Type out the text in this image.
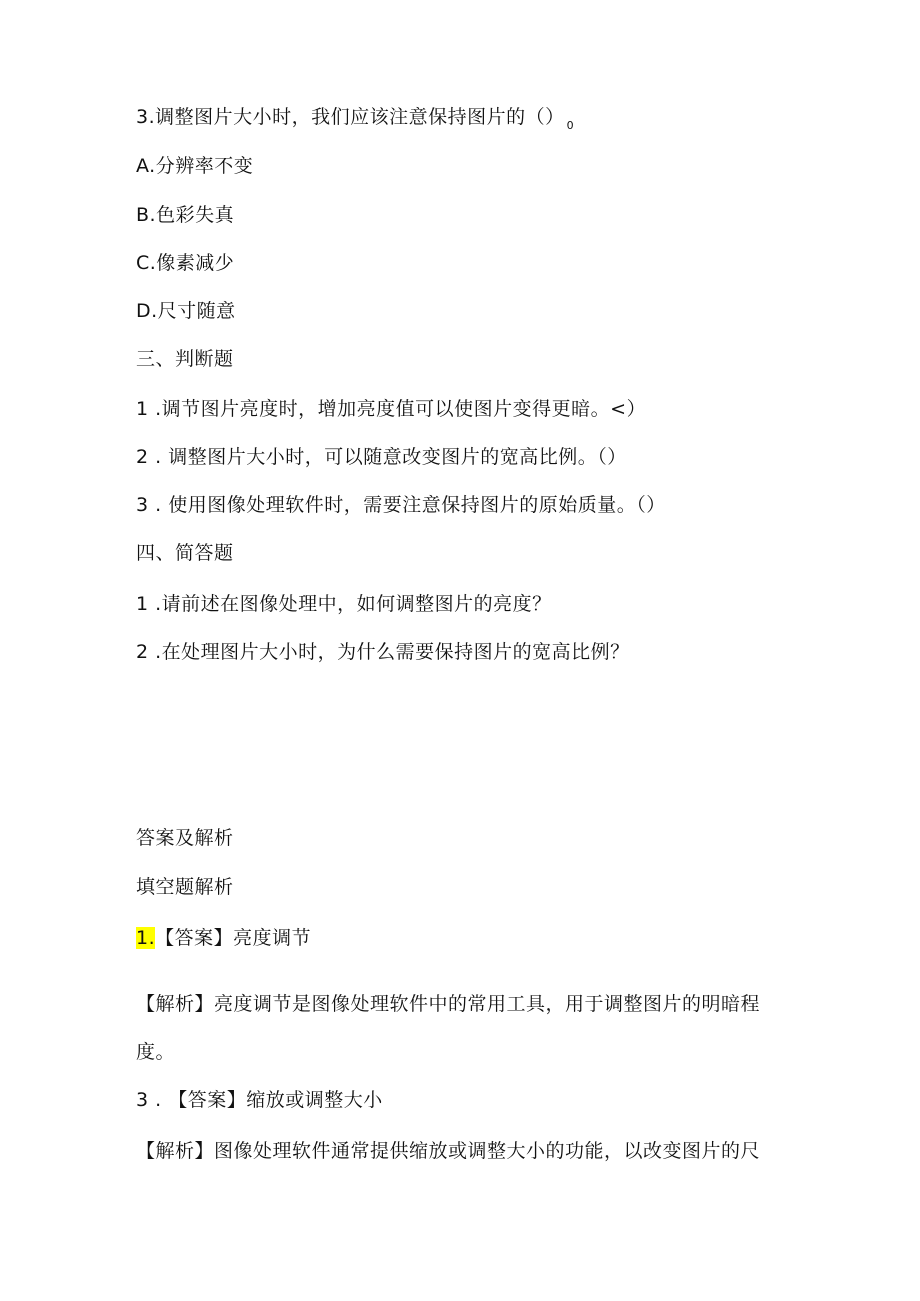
3.调整图片大小时，我们应该注意保持图片的（） $_0$
A.分辨率不变
B.色彩失真
C.像素减少
D.尺寸随意
三、判断题
1 .调节图片亮度时，增加亮度值可以使图片变得更暗。<）
2 . 调整图片大小时，可以随意改变图片的宽高比例。（）
3 . 使用图像处理软件时，需要注意保持图片的原始质量。（）
四、简答题
1 .请前述在图像处理中，如何调整图片的亮度？
2 .在处理图片大小时，为什么需要保持图片的宽高比例？
答案及解析
填空题解析
1.【答案】亮度调节
【解析】亮度调节是图像处理软件中的常用工具，用于调整图片的明暗程
度。
3 . 【答案】缩放或调整大小
【解析】图像处理软件通常提供缩放或调整大小的功能，以改变图片的尺
